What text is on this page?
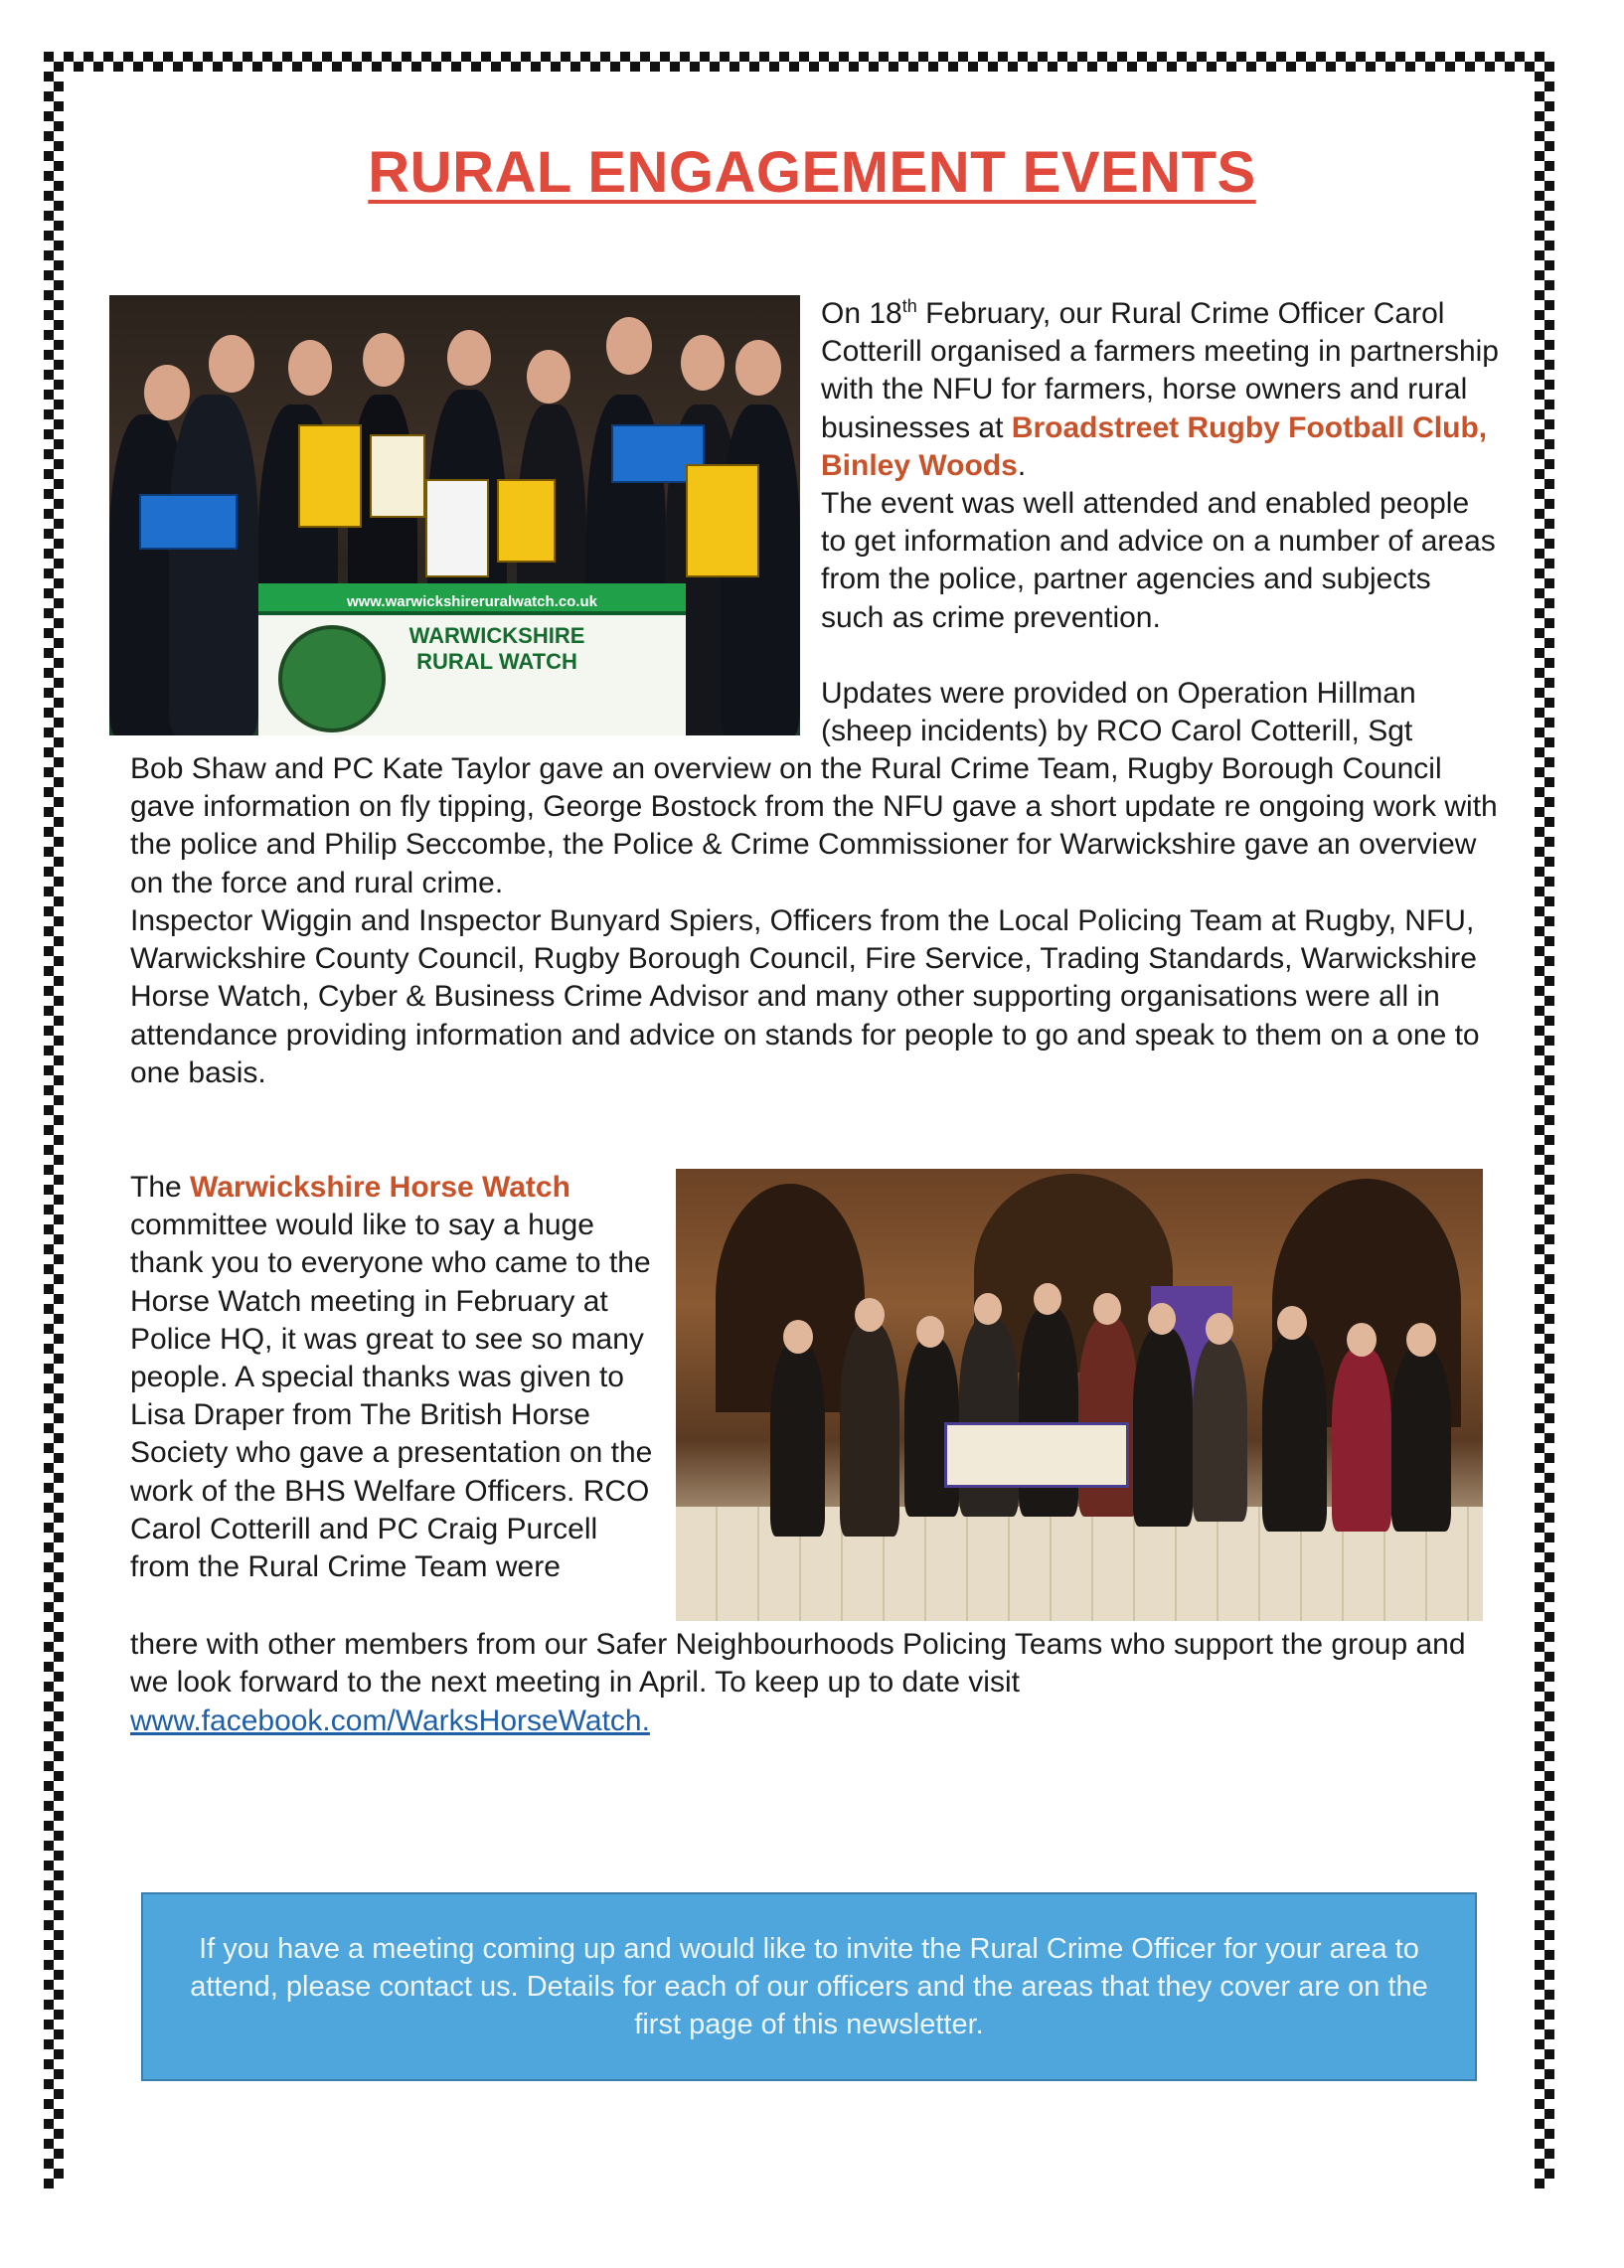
RURAL ENGAGEMENT EVENTS
www.warwickshireruralwatch.co.uk
WARWICKSHIRE RURAL WATCH
On 18th February, our Rural Crime Officer Carol Cotterill organised a farmers meeting in partnership with the NFU for farmers, horse owners and rural businesses at Broadstreet Rugby Football Club, Binley Woods.
The event was well attended and enabled people to get information and advice on a number of areas from the police, partner agencies and subjects such as crime prevention.
Updates were provided on Operation Hillman (sheep incidents) by RCO Carol Cotterill, Sgt
Bob Shaw and PC Kate Taylor gave an overview on the Rural Crime Team, Rugby Borough Council gave information on fly tipping, George Bostock from the NFU gave a short update re ongoing work with the police and Philip Seccombe, the Police & Crime Commissioner for Warwickshire gave an overview on the force and rural crime.
Inspector Wiggin and Inspector Bunyard Spiers, Officers from the Local Policing Team at Rugby, NFU, Warwickshire County Council, Rugby Borough Council, Fire Service, Trading Standards, Warwickshire Horse Watch, Cyber & Business Crime Advisor and many other supporting organisations were all in attendance providing information and advice on stands for people to go and speak to them on a one to one basis.
The Warwickshire Horse Watch committee would like to say a huge thank you to everyone who came to the Horse Watch meeting in February at Police HQ, it was great to see so many people. A special thanks was given to Lisa Draper from The British Horse Society who gave a presentation on the work of the BHS Welfare Officers. RCO Carol Cotterill and PC Craig Purcell from the Rural Crime Team were
there with other members from our Safer Neighbourhoods Policing Teams who support the group and we look forward to the next meeting in April. To keep up to date visit
www.facebook.com/WarksHorseWatch.
If you have a meeting coming up and would like to invite the Rural Crime Officer for your area to attend, please contact us. Details for each of our officers and the areas that they cover are on the first page of this newsletter.
